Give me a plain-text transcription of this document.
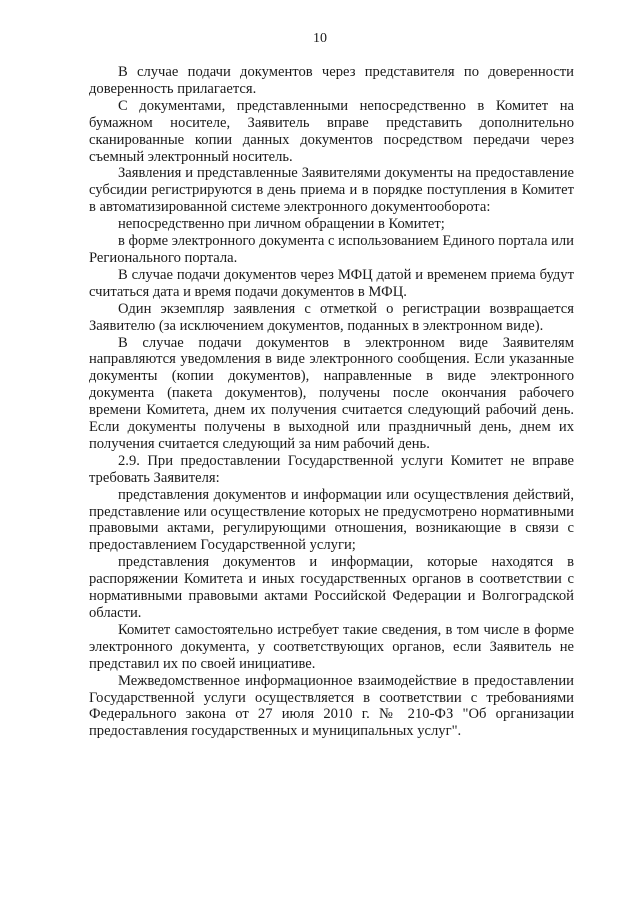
10

В случае подачи документов через представителя по доверенности доверенность прилагается.

С документами, представленными непосредственно в Комитет на бумажном носителе, Заявитель вправе представить дополнительно сканированные копии данных документов посредством передачи через съемный электронный носитель.

Заявления и представленные Заявителями документы на предоставление субсидии регистрируются в день приема и в порядке поступления в Комитет в автоматизированной системе электронного документооборота:

непосредственно при личном обращении в Комитет;

в форме электронного документа с использованием Единого портала или Регионального портала.

В случае подачи документов через МФЦ датой и временем приема будут считаться дата и время подачи документов в МФЦ.

Один экземпляр заявления с отметкой о регистрации возвращается Заявителю (за исключением документов, поданных в электронном виде).

В случае подачи документов в электронном виде Заявителям направляются уведомления в виде электронного сообщения. Если указанные документы (копии документов), направленные в виде электронного документа (пакета документов), получены после окончания рабочего времени Комитета, днем их получения считается следующий рабочий день. Если документы получены в выходной или праздничный день, днем их получения считается следующий за ним рабочий день.

2.9. При предоставлении Государственной услуги Комитет не вправе требовать Заявителя:

представления документов и информации или осуществления действий, представление или осуществление которых не предусмотрено нормативными правовыми актами, регулирующими отношения, возникающие в связи с предоставлением Государственной услуги;

представления документов и информации, которые находятся в распоряжении Комитета и иных государственных органов в соответствии с нормативными правовыми актами Российской Федерации и Волгоградской области.

Комитет самостоятельно истребует такие сведения, в том числе в форме электронного документа, у соответствующих органов, если Заявитель не представил их по своей инициативе.

Межведомственное информационное взаимодействие в предоставлении Государственной услуги осуществляется в соответствии с требованиями Федерального закона от 27 июля 2010 г. № 210-ФЗ "Об организации предоставления государственных и муниципальных услуг".
